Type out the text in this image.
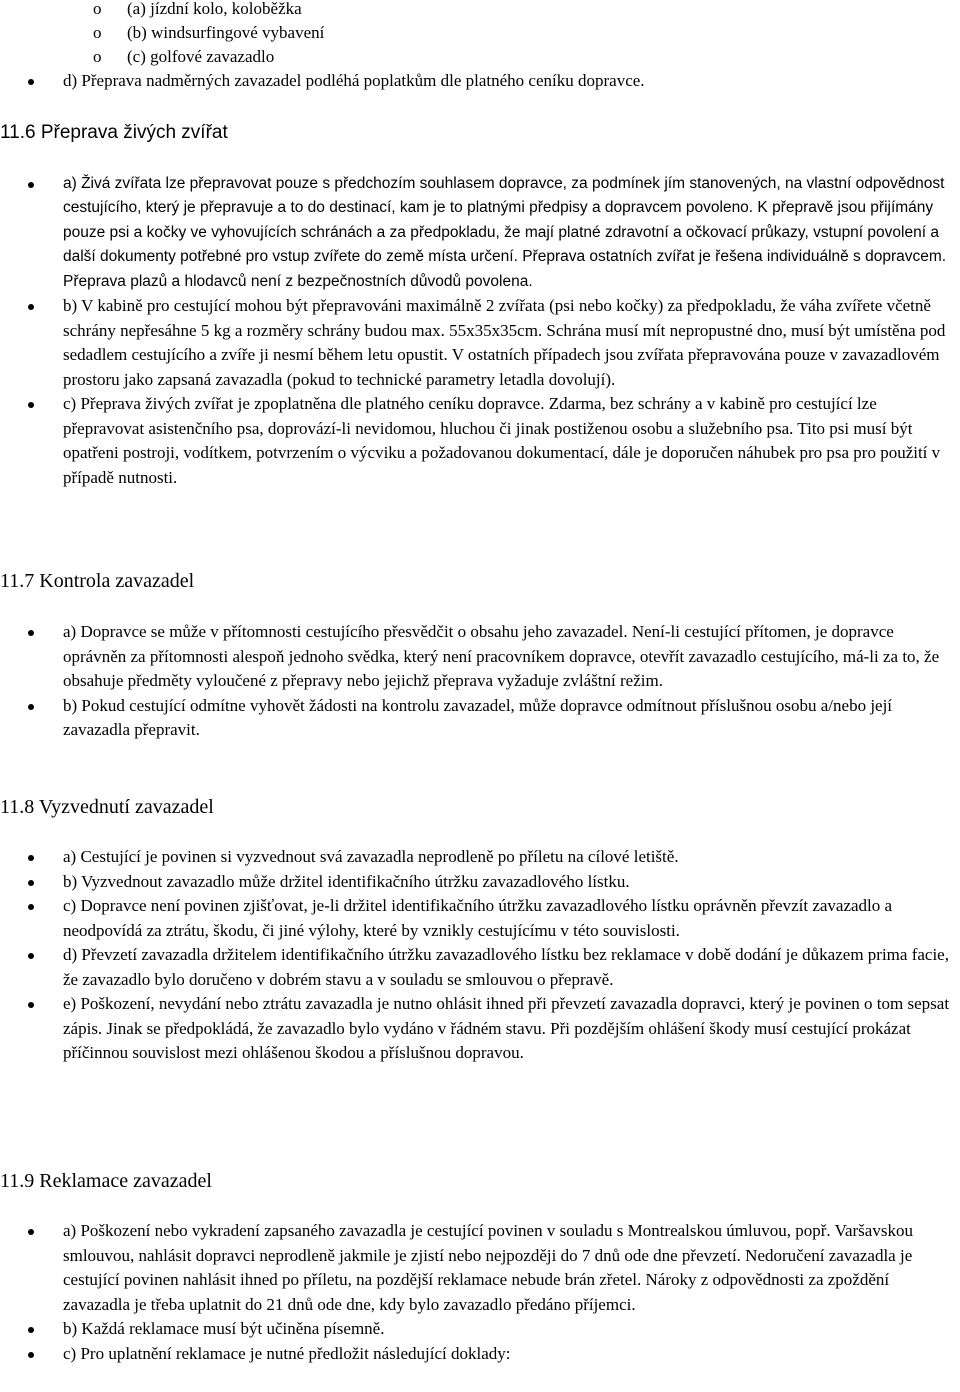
o (a) jízdní kolo, koloběžka
o (b) windsurfingové vybavení
o (c) golfové zavazadlo
d) Přeprava nadměrných zavazadel podléhá poplatkům dle platného ceníku dopravce.
11.6 Přeprava živých zvířat
a) Živá zvířata lze přepravovat pouze s předchozím souhlasem dopravce, za podmínek jím stanovených, na vlastní odpovědnost cestujícího, který je přepravuje a to do destinací, kam je to platnými předpisy a dopravcem povoleno. K přepravě jsou přijímány pouze psi a kočky ve vyhovujících schránách a za předpokladu, že mají platné zdravotní a očkovací průkazy, vstupní povolení a další dokumenty potřebné pro vstup zvířete do země místa určení. Přeprava ostatních zvířat je řešena individuálně s dopravcem. Přeprava plazů a hlodavců není z bezpečnostních důvodů povolena.
b) V kabině pro cestující mohou být přepravováni maximálně 2 zvířata (psi nebo kočky) za předpokladu, že váha zvířete včetně schrány nepřesáhne 5 kg a rozměry schrány budou max. 55x35x35cm. Schrána musí mít nepropustné dno, musí být umístěna pod sedadlem cestujícího a zvíře ji nesmí během letu opustit. V ostatních případech jsou zvířata přepravována pouze v zavazadlovém prostoru jako zapsaná zavazadla (pokud to technické parametry letadla dovolují).
c) Přeprava živých zvířat je zpoplatněna dle platného ceníku dopravce. Zdarma, bez schrány a v kabině pro cestující lze přepravovat asistenčního psa, doprovází-li nevidomou, hluchou či jinak postiženou osobu a služebního psa. Tito psi musí být opatřeni postroji, vodítkem, potvrzením o výcviku a požadovanou dokumentací, dále je doporučen náhubek pro psa pro použití v případě nutnosti.
11.7 Kontrola zavazadel
a) Dopravce se může v přítomnosti cestujícího přesvědčit o obsahu jeho zavazadel. Není-li cestující přítomen, je dopravce oprávněn za přítomnosti alespoň jednoho svědka, který není pracovníkem dopravce, otevřít zavazadlo cestujícího, má-li za to, že obsahuje předměty vyloučené z přepravy nebo jejichž přeprava vyžaduje zvláštní režim.
b) Pokud cestující odmítne vyhovět žádosti na kontrolu zavazadel, může dopravce odmítnout příslušnou osobu a/nebo její zavazadla přepravit.
11.8 Vyzvednutí zavazadel
a) Cestující je povinen si vyzvednout svá zavazadla neprodleně po příletu na cílové letiště.
b) Vyzvednout zavazadlo může držitel identifikačního útržku zavazadlového lístku.
c) Dopravce není povinen zjišťovat, je-li držitel identifikačního útržku zavazadlového lístku oprávněn převzít zavazadlo a neodpovídá za ztrátu, škodu, či jiné výlohy, které by vznikly cestujícímu v této souvislosti.
d) Převzetí zavazadla držitelem identifikačního útržku zavazadlového lístku bez reklamace v době dodání je důkazem prima facie, že zavazadlo bylo doručeno v dobrém stavu a v souladu se smlouvou o přepravě.
e) Poškození, nevydání nebo ztrátu zavazadla je nutno ohlásit ihned při převzetí zavazadla dopravci, který je povinen o tom sepsat zápis. Jinak se předpokládá, že zavazadlo bylo vydáno v řádném stavu. Při pozdějším ohlášení škody musí cestující prokázat příčinnou souvislost mezi ohlášenou škodou a příslušnou dopravou.
11.9 Reklamace zavazadel
a) Poškození nebo vykradení zapsaného zavazadla je cestující povinen v souladu s Montrealskou úmluvou, popř. Varšavskou smlouvou, nahlásit dopravci neprodleně jakmile je zjistí nebo nejpozději do 7 dnů ode dne převzetí. Nedoručení zavazadla je cestující povinen nahlásit ihned po příletu, na pozdější reklamace nebude brán zřetel. Nároky z odpovědnosti za zpoždění zavazadla je třeba uplatnit do 21 dnů ode dne, kdy bylo zavazadlo předáno příjemci.
b) Každá reklamace musí být učiněna písemně.
c) Pro uplatnění reklamace je nutné předložit následující doklady:
